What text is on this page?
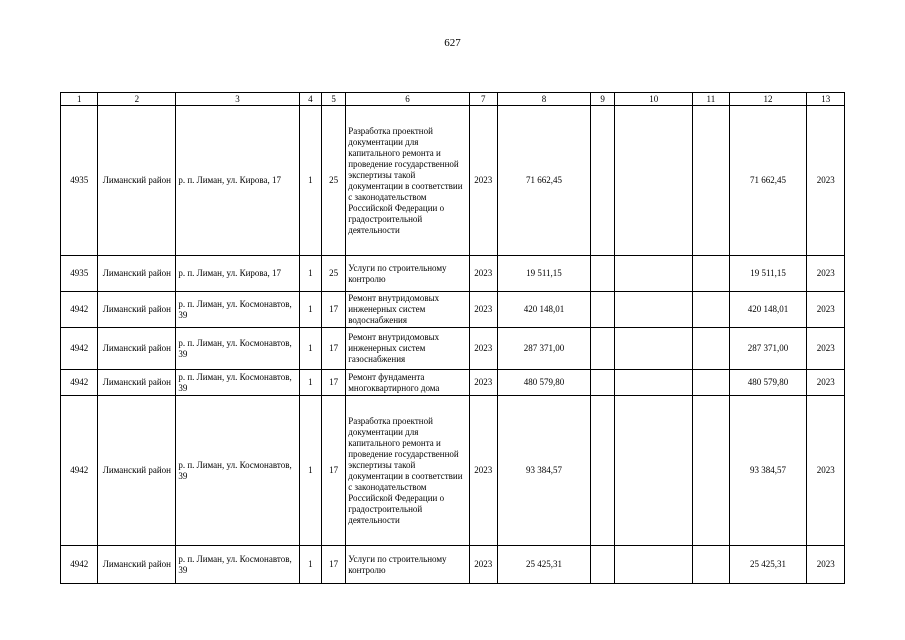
627
1	2	3	4	5	6	7	8	9	10	11	12	13
4935	Лиманский район	р. п. Лиман, ул. Кирова, 17	1	25	Разработка проектной документации для капитального ремонта и проведение государственной экспертизы такой документации в соответствии с законодательством Российской Федерации о градостроительной деятельности	2023	71 662,45				71 662,45	2023
4935	Лиманский район	р. п. Лиман, ул. Кирова, 17	1	25	Услуги по строительному контролю	2023	19 511,15				19 511,15	2023
4942	Лиманский район	р. п. Лиман, ул. Космонавтов, 39	1	17	Ремонт внутридомовых инженерных систем водоснабжения	2023	420 148,01				420 148,01	2023
4942	Лиманский район	р. п. Лиман, ул. Космонавтов, 39	1	17	Ремонт внутридомовых инженерных систем газоснабжения	2023	287 371,00				287 371,00	2023
4942	Лиманский район	р. п. Лиман, ул. Космонавтов, 39	1	17	Ремонт фундамента многоквартирного дома	2023	480 579,80				480 579,80	2023
4942	Лиманский район	р. п. Лиман, ул. Космонавтов, 39	1	17	Разработка проектной документации для капитального ремонта и проведение государственной экспертизы такой документации в соответствии с законодательством Российской Федерации о градостроительной деятельности	2023	93 384,57				93 384,57	2023
4942	Лиманский район	р. п. Лиман, ул. Космонавтов, 39	1	17	Услуги по строительному контролю	2023	25 425,31				25 425,31	2023
